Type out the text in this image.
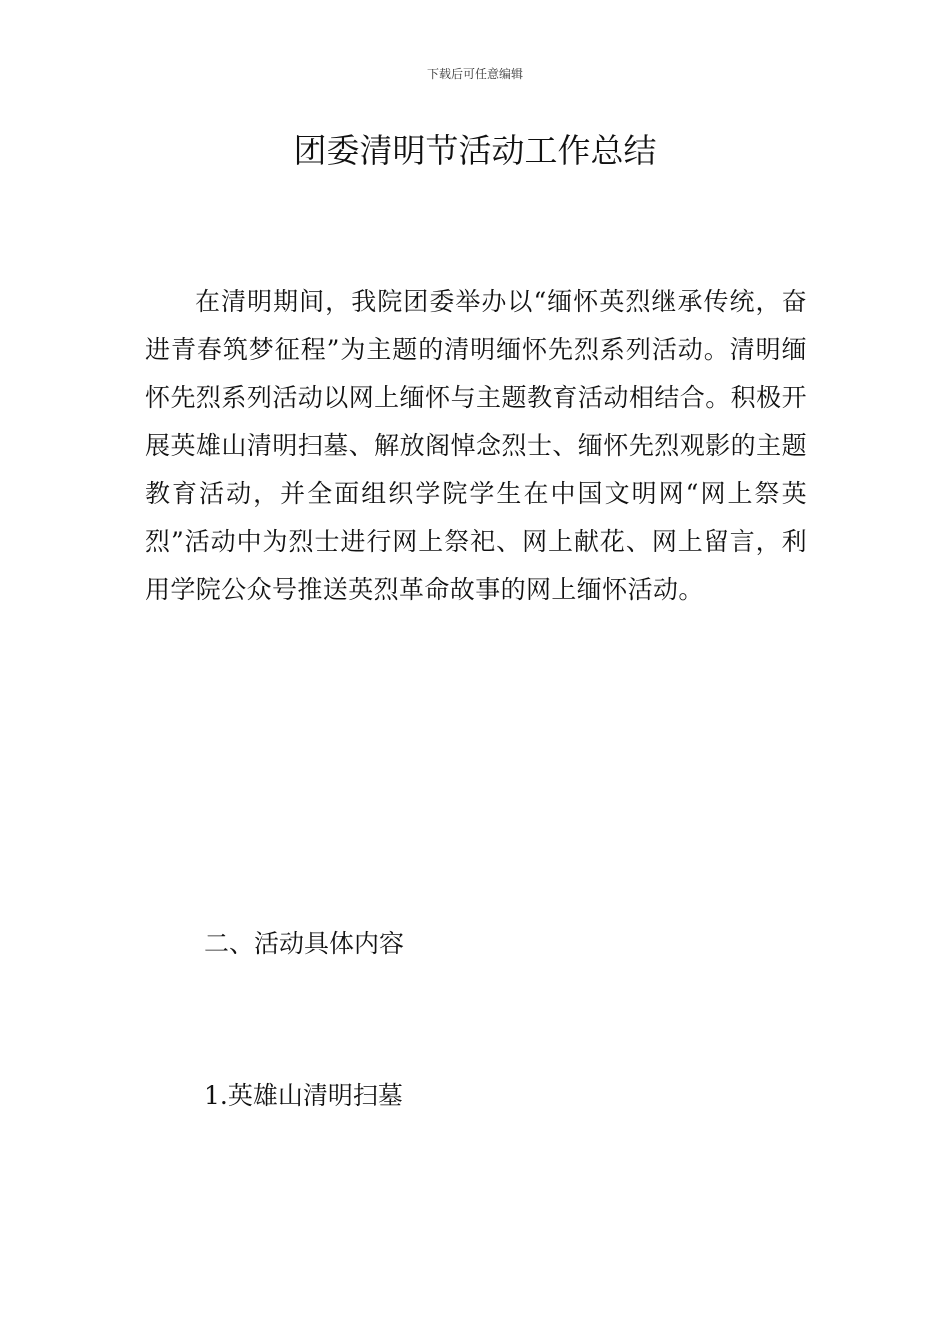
下载后可任意编辑
团委清明节活动工作总结

在清明期间，我院团委举办以“缅怀英烈继承传统，奋进青春筑梦征程”为主题的清明缅怀先烈系列活动。清明缅怀先烈系列活动以网上缅怀与主题教育活动相结合。积极开展英雄山清明扫墓、解放阁悼念烈士、缅怀先烈观影的主题教育活动，并全面组织学院学生在中国文明网“网上祭英烈”活动中为烈士进行网上祭祀、网上献花、网上留言，利用学院公众号推送英烈革命故事的网上缅怀活动。

二、活动具体内容
1.英雄山清明扫墓
